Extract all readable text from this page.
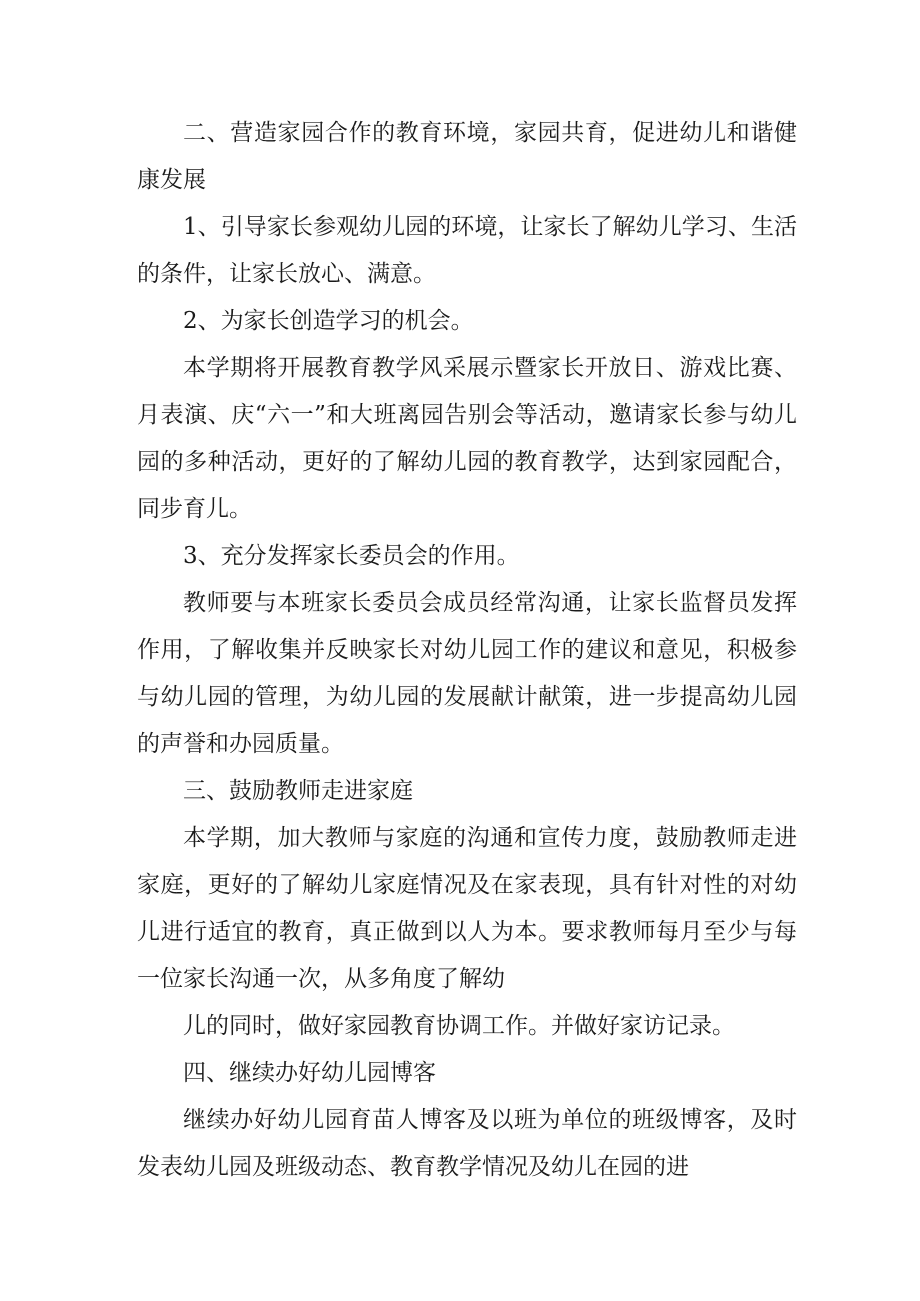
二、营造家园合作的教育环境，家园共育，促进幼儿和谐健康发展

1、引导家长参观幼儿园的环境，让家长了解幼儿学习、生活的条件，让家长放心、满意。

2、为家长创造学习的机会。

本学期将开展教育教学风采展示暨家长开放日、游戏比赛、月表演、庆“六一”和大班离园告别会等活动，邀请家长参与幼儿园的多种活动，更好的了解幼儿园的教育教学，达到家园配合，同步育儿。

3、充分发挥家长委员会的作用。

教师要与本班家长委员会成员经常沟通，让家长监督员发挥作用，了解收集并反映家长对幼儿园工作的建议和意见，积极参与幼儿园的管理，为幼儿园的发展献计献策，进一步提高幼儿园的声誉和办园质量。

三、鼓励教师走进家庭

本学期，加大教师与家庭的沟通和宣传力度，鼓励教师走进家庭，更好的了解幼儿家庭情况及在家表现，具有针对性的对幼儿进行适宜的教育，真正做到以人为本。要求教师每月至少与每一位家长沟通一次，从多角度了解幼

儿的同时，做好家园教育协调工作。并做好家访记录。

四、继续办好幼儿园博客

继续办好幼儿园育苗人博客及以班为单位的班级博客，及时发表幼儿园及班级动态、教育教学情况及幼儿在园的进
